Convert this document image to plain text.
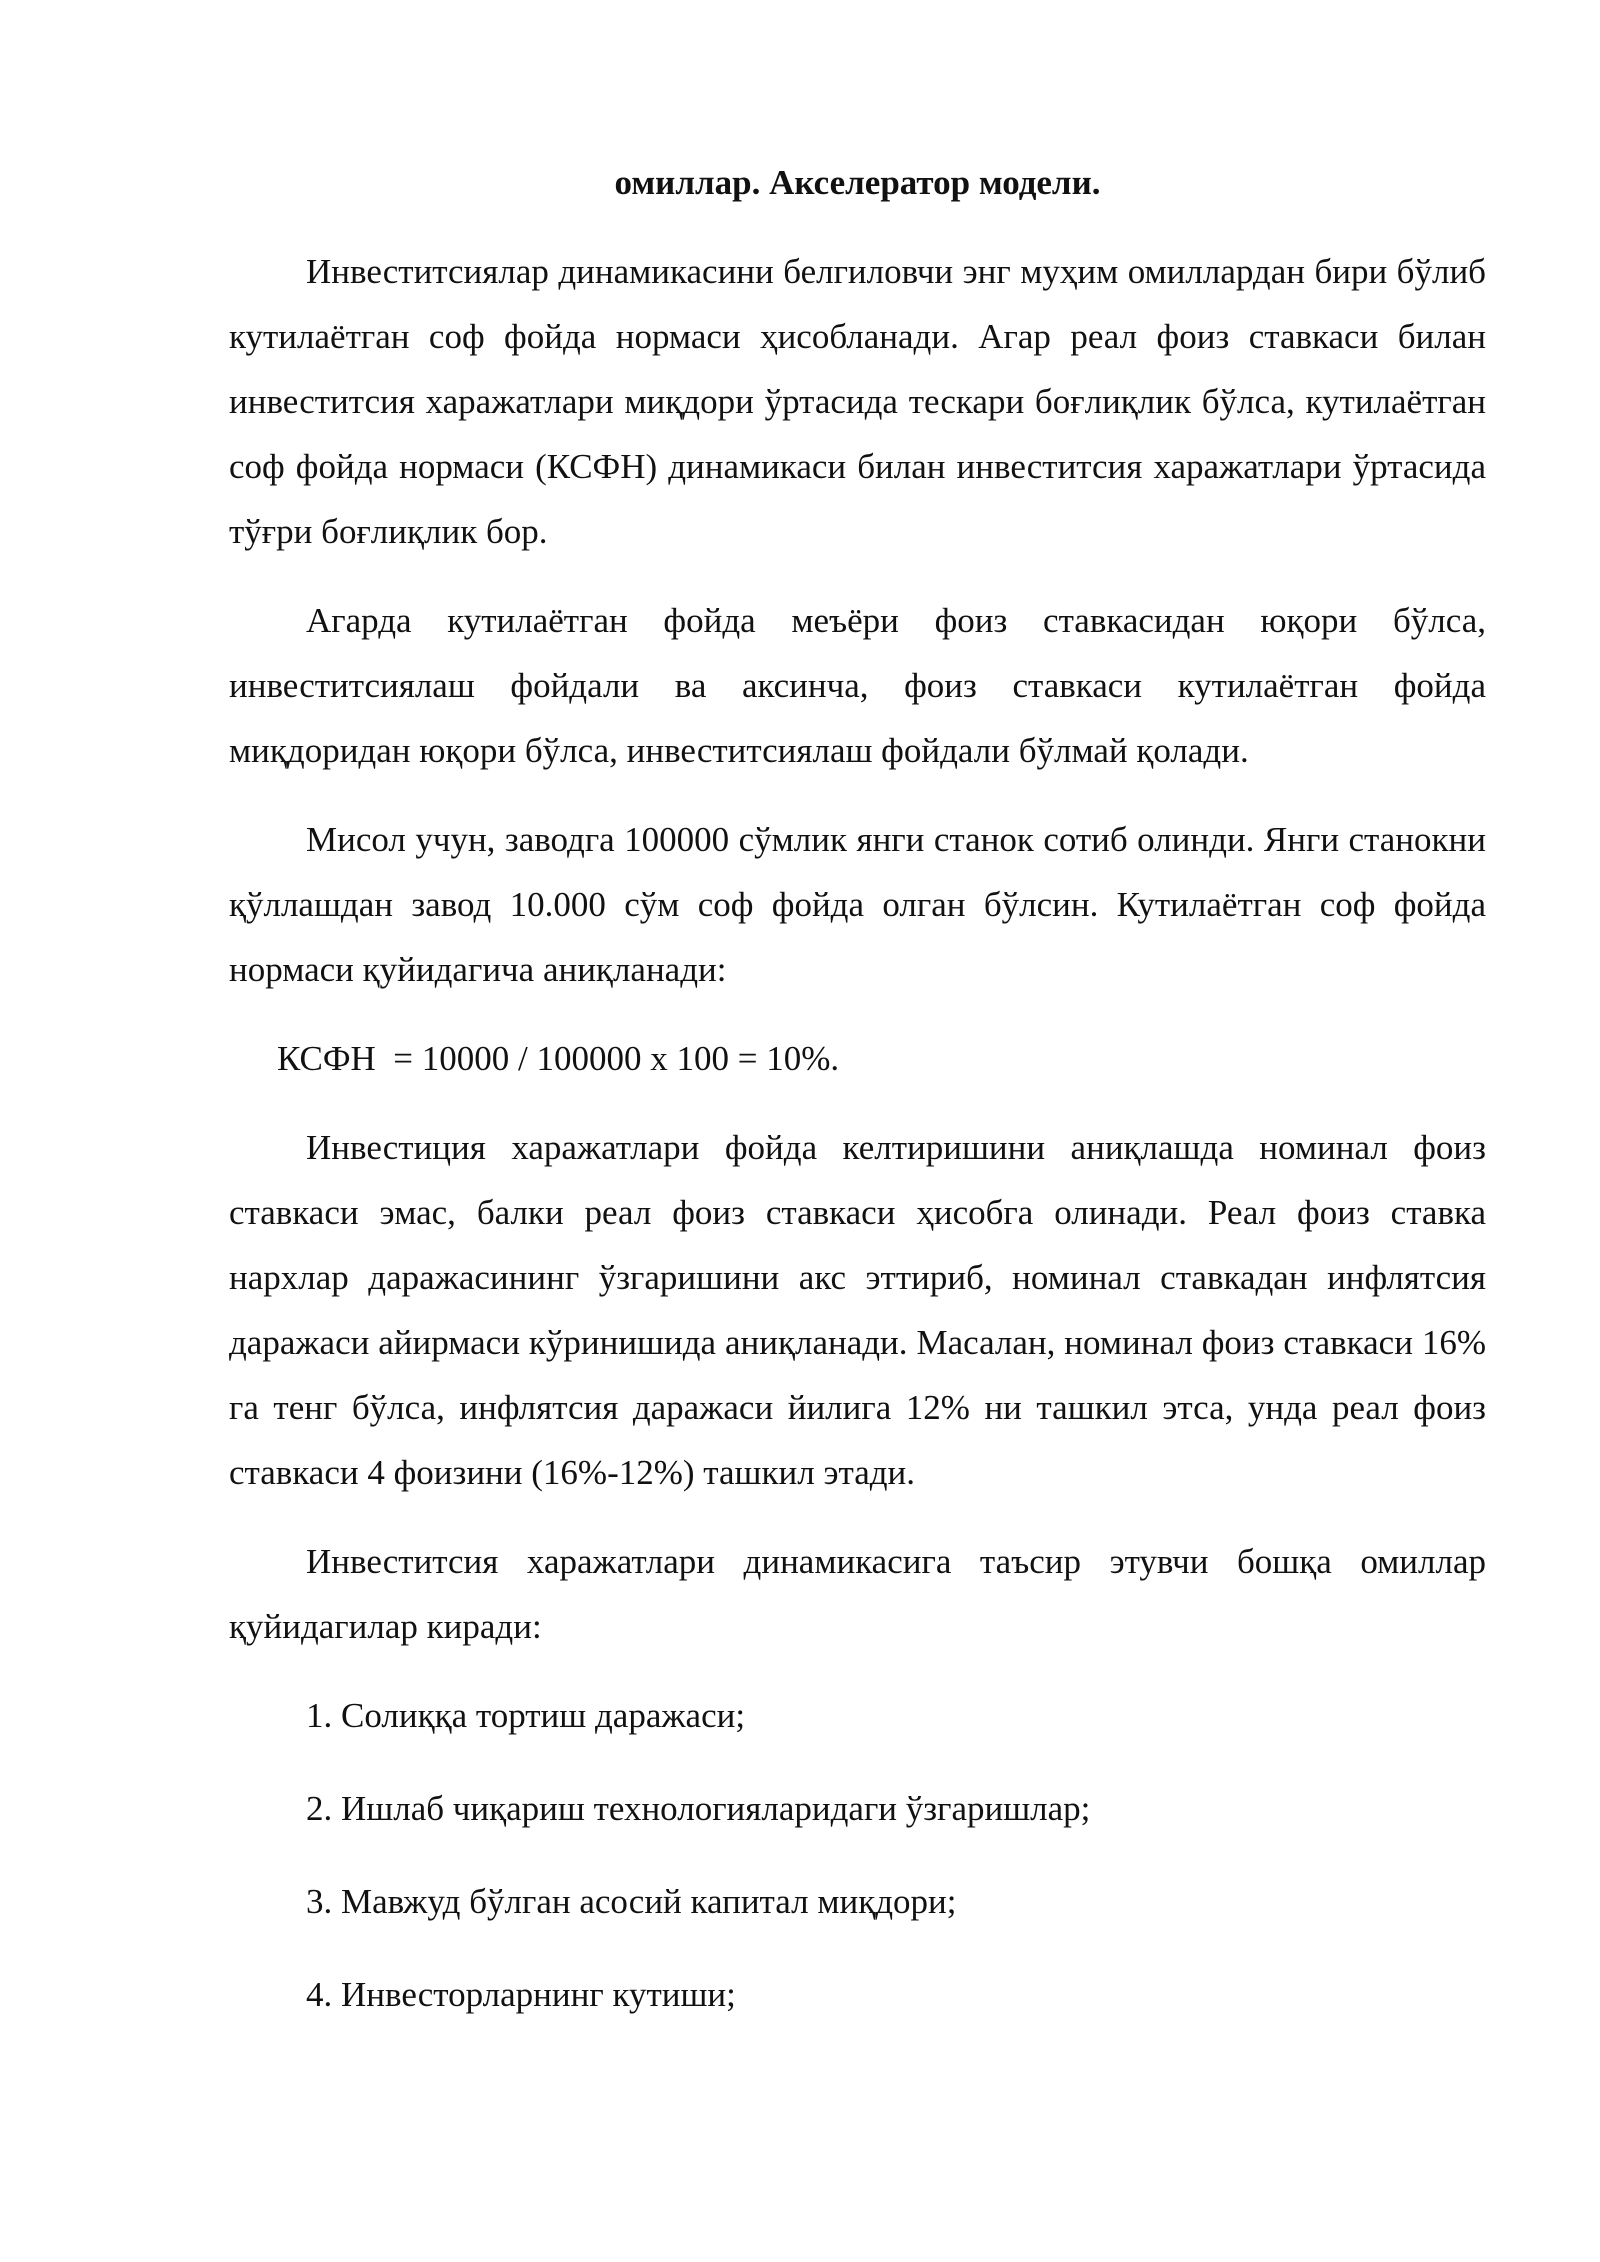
омиллар. Акселератор модели.

Инвеститсиялар динамикасини белгиловчи энг муҳим омиллардан бири бўлиб кутилаётган соф фойда нормаси ҳисобланади. Агар реал фоиз ставкаси билан инвеститсия харажатлари миқдори ўртасида тескари боғлиқлик бўлса, кутилаётган соф фойда нормаси (КСФН) динамикаси билан инвеститсия харажатлари ўртасида тўғри боғлиқлик бор.

Агарда кутилаётган фойда меъёри фоиз ставкасидан юқори бўлса, инвеститсиялаш фойдали ва аксинча, фоиз ставкаси кутилаётган фойда миқдоридан юқори бўлса, инвеститсиялаш фойдали бўлмай қолади.

Мисол учун, заводга 100000 сўмлик янги станок сотиб олинди. Янги станокни қўллашдан завод 10.000 сўм соф фойда олган бўлсин. Кутилаётган соф фойда нормаси қуйидагича аниқланади:

КСФН  = 10000 / 100000 х 100 = 10%.

Инвестиция харажатлари фойда келтиришини аниқлашда номинал фоиз ставкаси эмас, балки реал фоиз ставкаси ҳисобга олинади. Реал фоиз ставка нархлар даражасининг ўзгаришини акс эттириб, номинал ставкадан инфлятсия даражаси айирмаси кўринишида аниқланади. Масалан, номинал фоиз ставкаси 16% га тенг бўлса, инфлятсия даражаси йилига 12% ни ташкил этса, унда реал фоиз ставкаси 4 фоизини (16%-12%) ташкил этади.

Инвеститсия харажатлари динамикасига таъсир этувчи бошқа омиллар қуйидагилар киради:

1. Солиққа тортиш даражаси;

2. Ишлаб чиқариш технологияларидаги ўзгаришлар;

3. Мавжуд бўлган асосий капитал миқдори;

4. Инвесторларнинг кутиши;
